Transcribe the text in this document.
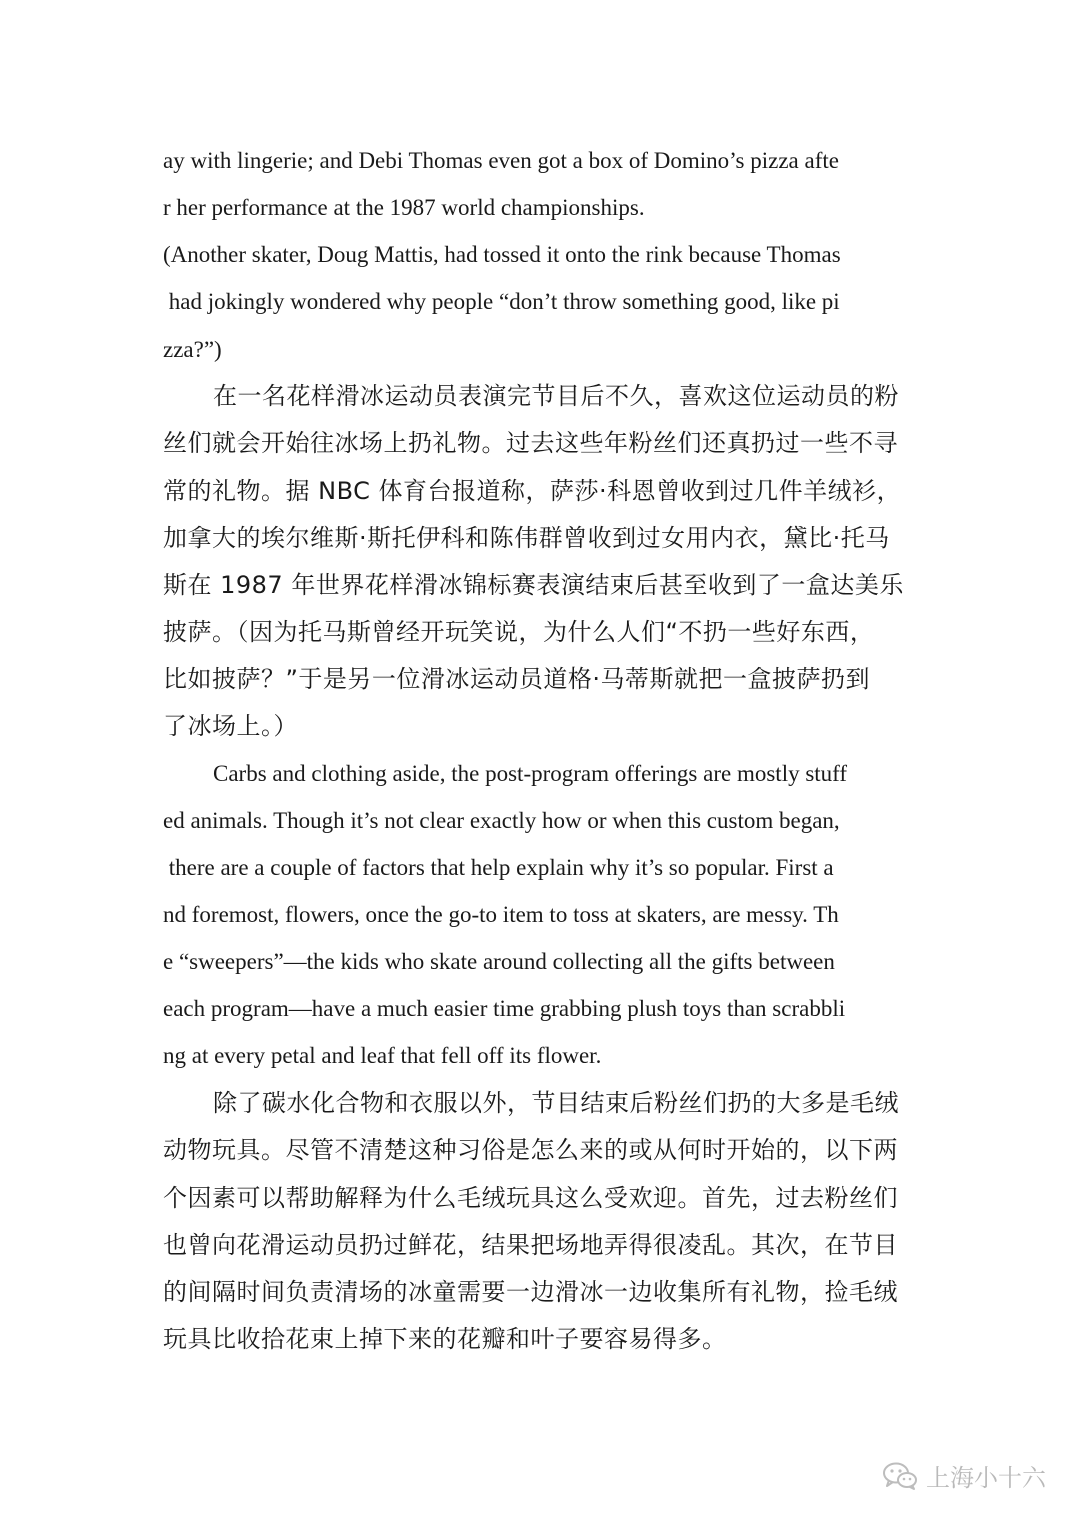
ay with lingerie; and Debi Thomas even got a box of Domino’s pizza afte
r her performance at the 1987 world championships.
(Another skater, Doug Mattis, had tossed it onto the rink because Thomas
had jokingly wondered why people “don’t throw something good, like pi
zza?”)
在一名花样滑冰运动员表演完节目后不久，喜欢这位运动员的粉
丝们就会开始往冰场上扔礼物。过去这些年粉丝们还真扔过一些不寻
常的礼物。据 NBC 体育台报道称，萨莎·科恩曾收到过几件羊绒衫，
加拿大的埃尔维斯·斯托伊科和陈伟群曾收到过女用内衣，黛比·托马
斯在 1987 年世界花样滑冰锦标赛表演结束后甚至收到了一盒达美乐
披萨。（因为托马斯曾经开玩笑说，为什么人们“不扔一些好东西，
比如披萨？”于是另一位滑冰运动员道格·马蒂斯就把一盒披萨扔到
了冰场上。）
Carbs and clothing aside, the post-program offerings are mostly stuff
ed animals. Though it’s not clear exactly how or when this custom began,
there are a couple of factors that help explain why it’s so popular. First a
nd foremost, flowers, once the go-to item to toss at skaters, are messy. Th
e “sweepers”—the kids who skate around collecting all the gifts between
each program—have a much easier time grabbing plush toys than scrabbli
ng at every petal and leaf that fell off its flower.
除了碳水化合物和衣服以外，节目结束后粉丝们扔的大多是毛绒
动物玩具。尽管不清楚这种习俗是怎么来的或从何时开始的，以下两
个因素可以帮助解释为什么毛绒玩具这么受欢迎。首先，过去粉丝们
也曾向花滑运动员扔过鲜花，结果把场地弄得很凌乱。其次，在节目
的间隔时间负责清场的冰童需要一边滑冰一边收集所有礼物，捡毛绒
玩具比收拾花束上掉下来的花瓣和叶子要容易得多。
上海小十六
